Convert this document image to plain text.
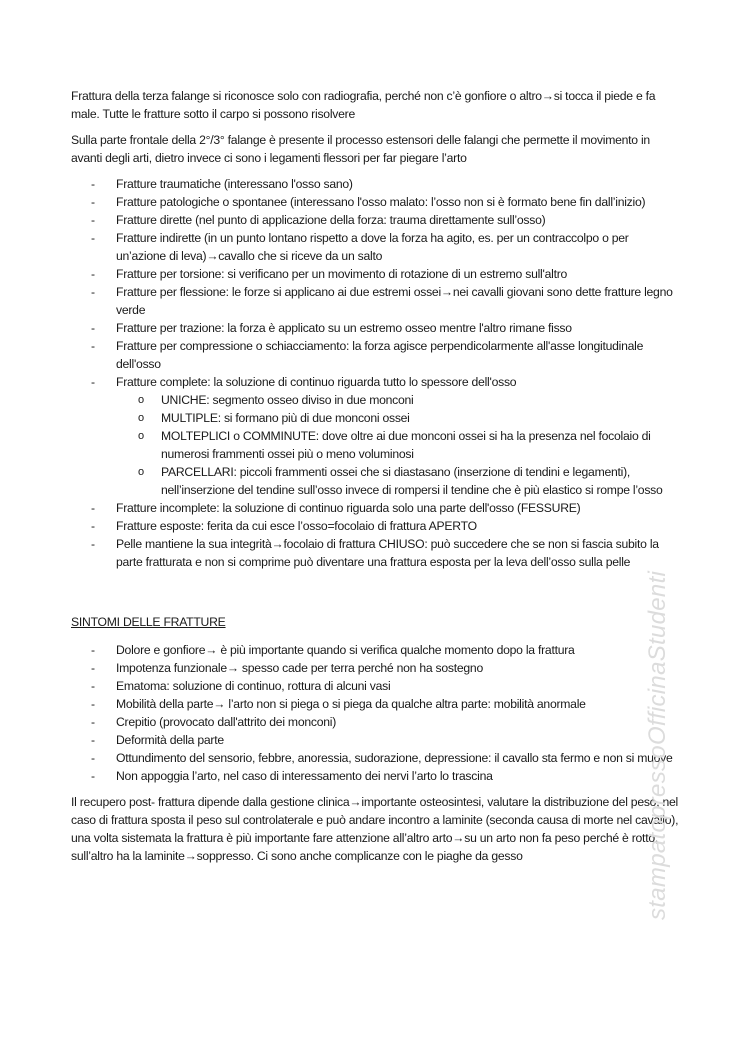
Frattura della terza falange si riconosce solo con radiografia, perché non c’è gonfiore o altro→si tocca il piede e fa male. Tutte le fratture sotto il carpo si possono risolvere

Sulla parte frontale della 2°/3° falange è presente il processo estensori delle falangi che permette il movimento in avanti degli arti, dietro invece ci sono i legamenti flessori per far piegare l’arto

- Fratture traumatiche (interessano l'osso sano)
- Fratture patologiche o spontanee (interessano l'osso malato: l’osso non si è formato bene fin dall’inizio)
- Fratture dirette (nel punto di applicazione della forza: trauma direttamente sull’osso)
- Fratture indirette (in un punto lontano rispetto a dove la forza ha agito, es. per un contraccolpo o per un’azione di leva)→cavallo che si riceve da un salto
- Fratture per torsione: si verificano per un movimento di rotazione di un estremo sull'altro
- Fratture per flessione: le forze si applicano ai due estremi ossei→nei cavalli giovani sono dette fratture legno verde
- Fratture per trazione: la forza è applicato su un estremo osseo mentre l'altro rimane fisso
- Fratture per compressione o schiacciamento: la forza agisce perpendicolarmente all'asse longitudinale dell'osso
- Fratture complete: la soluzione di continuo riguarda tutto lo spessore dell'osso
o UNICHE: segmento osseo diviso in due monconi
o MULTIPLE: si formano più di due monconi ossei
o MOLTEPLICI o COMMINUTE: dove oltre ai due monconi ossei si ha la presenza nel focolaio di numerosi frammenti ossei più o meno voluminosi
o PARCELLARI: piccoli frammenti ossei che si diastasano (inserzione di tendini e legamenti), nell’inserzione del tendine sull’osso invece di rompersi il tendine che è più elastico si rompe l’osso
- Fratture incomplete: la soluzione di continuo riguarda solo una parte dell'osso (FESSURE)
- Fratture esposte: ferita da cui esce l’osso=focolaio di frattura APERTO
- Pelle mantiene la sua integrità→focolaio di frattura CHIUSO: può succedere che se non si fascia subito la parte fratturata e non si comprime può diventare una frattura esposta per la leva dell’osso sulla pelle

SINTOMI DELLE FRATTURE

- Dolore e gonfiore→ è più importante quando si verifica qualche momento dopo la frattura
- Impotenza funzionale→ spesso cade per terra perché non ha sostegno
- Ematoma: soluzione di continuo, rottura di alcuni vasi
- Mobilità della parte→ l’arto non si piega o si piega da qualche altra parte: mobilità anormale
- Crepitio (provocato dall'attrito dei monconi)
- Deformità della parte
- Ottundimento del sensorio, febbre, anoressia, sudorazione, depressione: il cavallo sta fermo e non si muove
- Non appoggia l’arto, nel caso di interessamento dei nervi l’arto lo trascina

Il recupero post- frattura dipende dalla gestione clinica→importante osteosintesi, valutare la distribuzione del peso, nel caso di frattura sposta il peso sul controlaterale e può andare incontro a laminite (seconda causa di morte nel cavallo), una volta sistemata la frattura è più importante fare attenzione all’altro arto→su un arto non fa peso perché è rotto, sull’altro ha la laminite→soppresso. Ci sono anche complicanze con le piaghe da gesso	stampatopressoOfficinaStudenti
